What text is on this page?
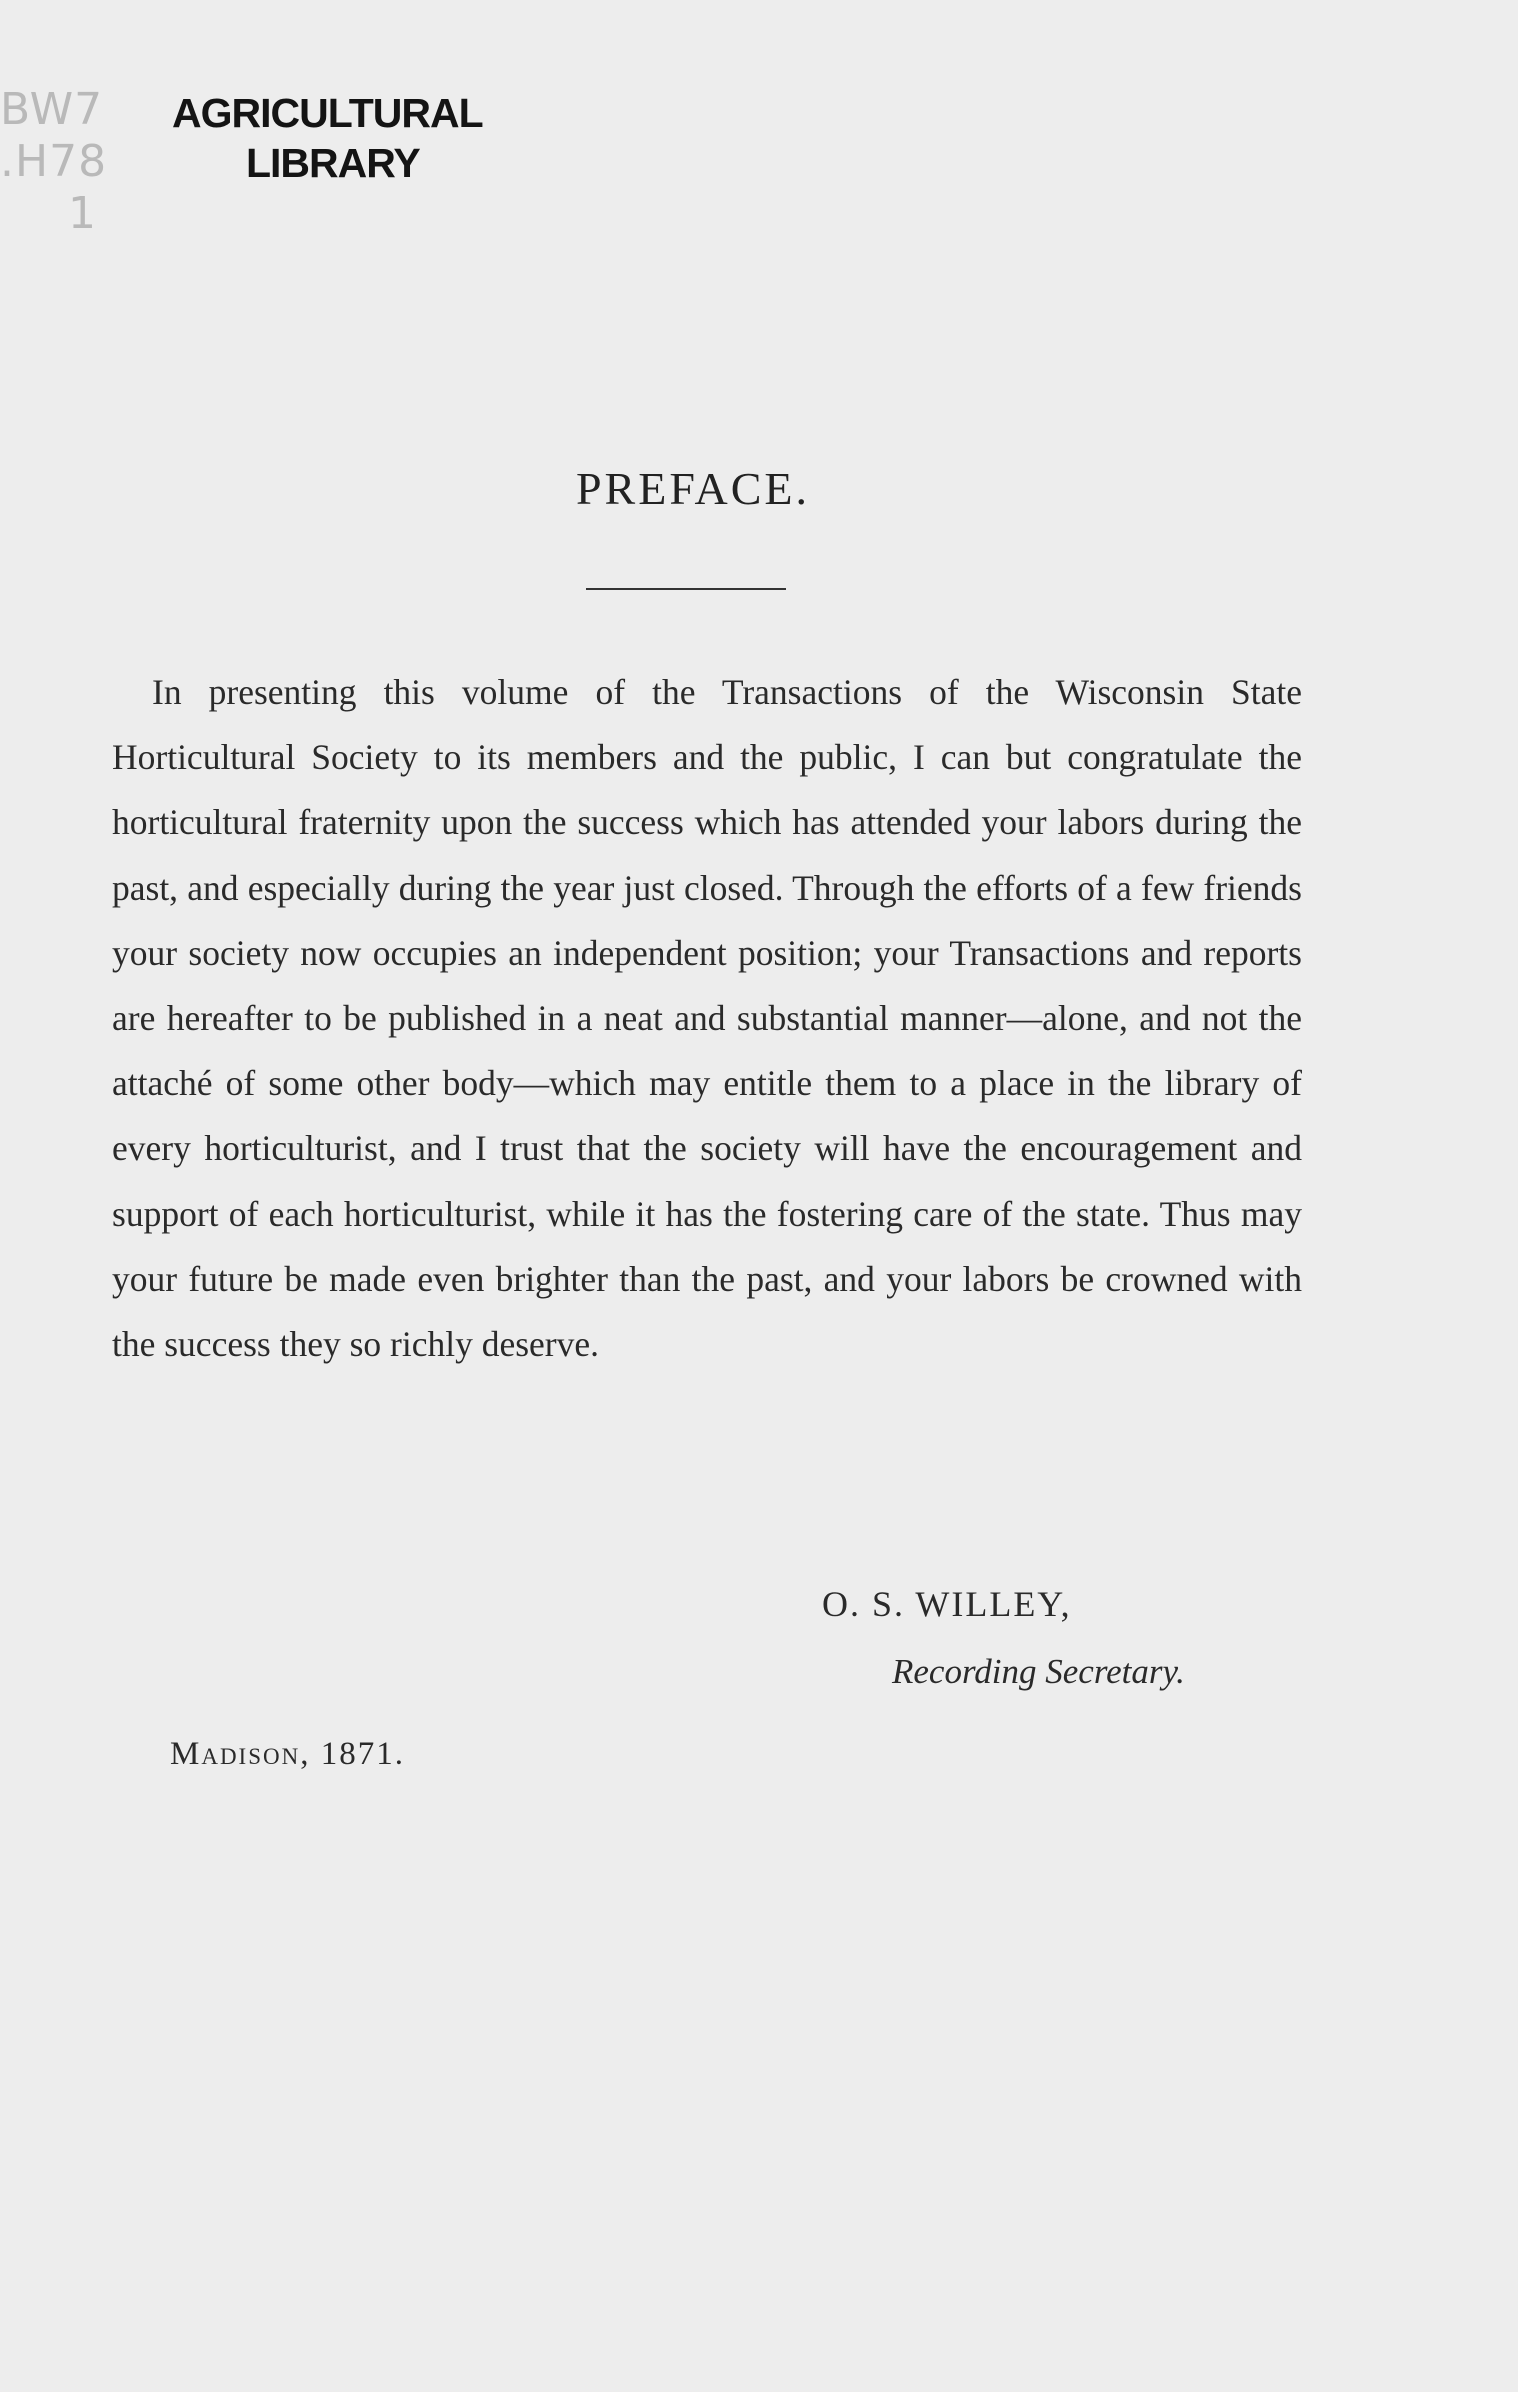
BW7
.H78
1
AGRICULTURAL
LIBRARY
PREFACE.

In presenting this volume of the Transactions of the Wisconsin State Horticultural Society to its members and the public, I can but congratulate the horticultural fraternity upon the success which has attended your labors during the past, and especially during the year just closed. Through the efforts of a few friends your society now occupies an independent position; your Transactions and reports are hereafter to be published in a neat and substantial manner—alone, and not the attaché of some other body—which may entitle them to a place in the library of every horticulturist, and I trust that the society will have the encouragement and support of each horticulturist, while it has the fostering care of the state. Thus may your future be made even brighter than the past, and your labors be crowned with the success they so richly deserve.

O. S. WILLEY,
Recording Secretary.
Madison, 1871.
